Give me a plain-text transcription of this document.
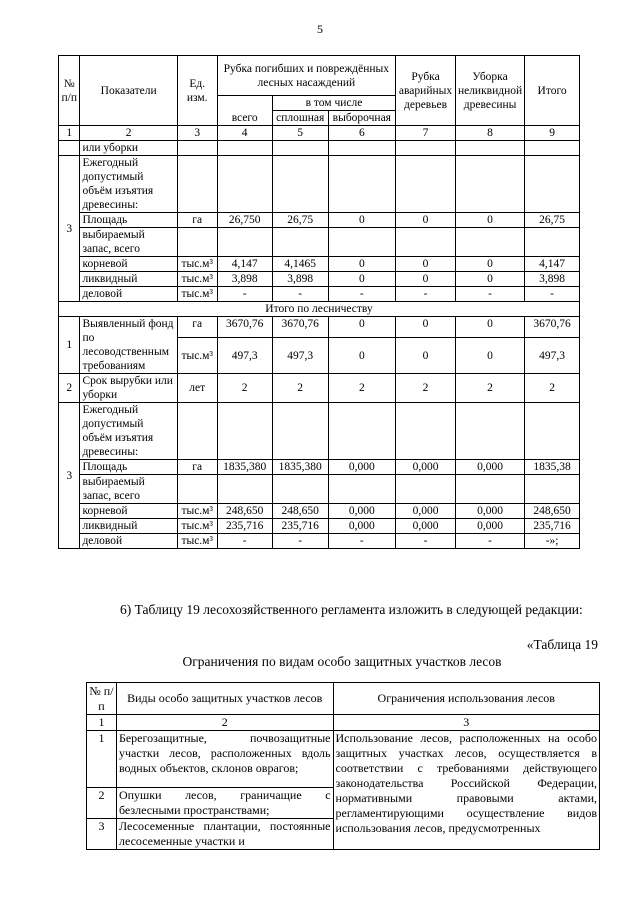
5
№ п/п	Показатели	Ед. изм.	Рубка погибших и повреждённых лесных насаждений			Рубка аварийных деревьев	Уборка неликвидной древесины	Итого
			всего	в том числе				
				сплошная	выборочная			
1	2	3	4	5	6	7	8	9
	или уборки							
3	Ежегодный допустимый объём изъятия древесины:							
	Площадь	га	26,750	26,75	0	0	0	26,75
	выбираемый запас, всего							
	корневой	тыс.м³	4,147	4,1465	0	0	0	4,147
	ликвидный	тыс.м³	3,898	3,898	0	0	0	3,898
	деловой	тыс.м³	-	-	-	-	-	-
Итого по лесничеству								
1	Выявленный фонд по лесоводственным требованиям	га	3670,76	3670,76	0	0	0	3670,76
		тыс.м³	497,3	497,3	0	0	0	497,3
2	Срок вырубки или уборки	лет	2	2	2	2	2	2
3	Ежегодный допустимый объём изъятия древесины:							
	Площадь	га	1835,380	1835,380	0,000	0,000	0,000	1835,38
	выбираемый запас, всего							
	корневой	тыс.м³	248,650	248,650	0,000	0,000	0,000	248,650
	ликвидный	тыс.м³	235,716	235,716	0,000	0,000	0,000	235,716
	деловой	тыс.м³	-	-	-	-	-	-»;
6) Таблицу 19 лесохозяйственного регламента изложить в следующей редакции:
«Таблица 19
Ограничения по видам особо защитных участков лесов
№ п/п	Виды особо защитных участков лесов	Ограничения использования лесов
1	2	3
1	Берегозащитные, почвозащитные участки лесов, расположенных вдоль водных объектов, склонов оврагов;	Использование лесов, расположенных на особо защитных участках лесов, осуществляется в соответствии с требованиями действующего законодательства Российской Федерации, нормативными правовыми актами, регламентирующими осуществление видов использования лесов, предусмотренных
2	Опушки лесов, граничащие с безлесными пространствами;	
3	Лесосеменные плантации, постоянные лесосеменные участки и	
